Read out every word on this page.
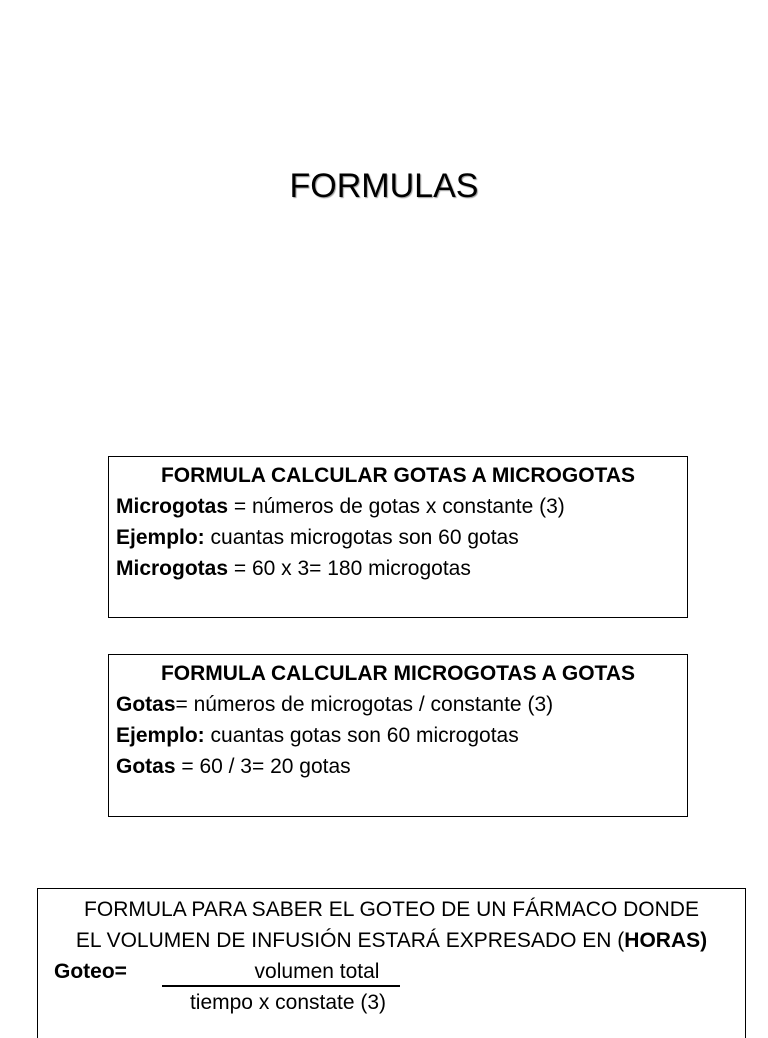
FORMULAS
FORMULA CALCULAR GOTAS A MICROGOTAS
Microgotas = números de gotas x constante (3)
Ejemplo: cuantas microgotas son 60 gotas
Microgotas = 60 x 3= 180 microgotas
FORMULA CALCULAR MICROGOTAS A GOTAS
Gotas= números de microgotas / constante (3)
Ejemplo: cuantas gotas son 60 microgotas
Gotas = 60 / 3= 20 gotas
FORMULA PARA SABER EL GOTEO DE UN FÁRMACO DONDE
EL VOLUMEN DE INFUSIÓN ESTARÁ EXPRESADO EN (HORAS)
Goteo=	volumen total
tiempo x constate (3)
